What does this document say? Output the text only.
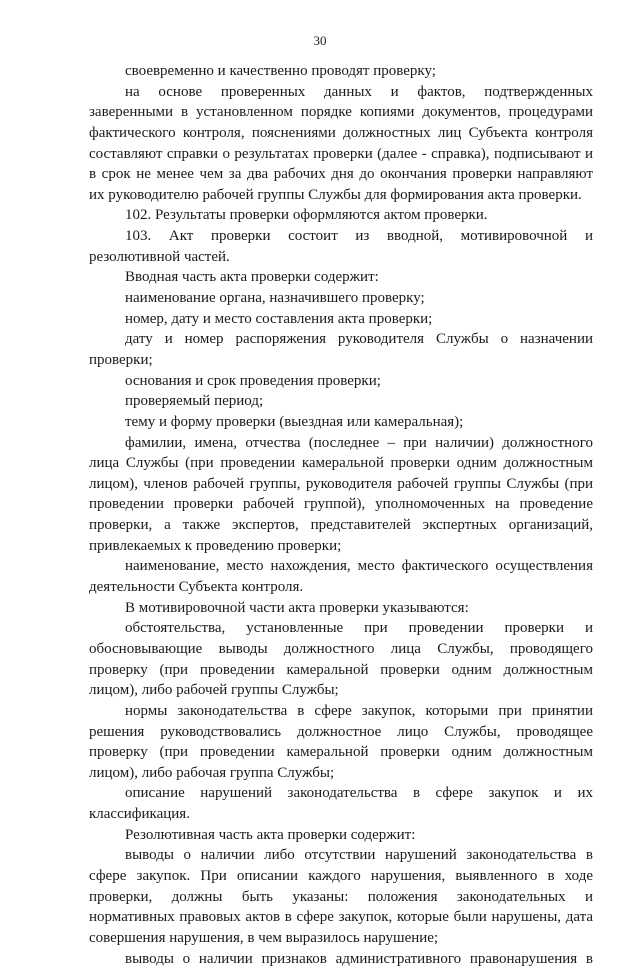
30
своевременно и качественно проводят проверку;
на основе проверенных данных и фактов, подтвержденных
заверенными в установленном порядке копиями документов, процедурами
фактического контроля, пояснениями должностных лиц Субъекта контроля
составляют справки о результатах проверки (далее - справка), подписывают и
в срок не менее чем за два рабочих дня до окончания проверки направляют
их руководителю рабочей группы Службы для формирования акта проверки.
102. Результаты проверки оформляются актом проверки.
103. Акт проверки состоит из вводной, мотивировочной и
резолютивной частей.
Вводная часть акта проверки содержит:
наименование органа, назначившего проверку;
номер, дату и место составления акта проверки;
дату и номер распоряжения руководителя Службы о назначении
проверки;
основания и срок проведения проверки;
проверяемый период;
тему и форму проверки (выездная или камеральная);
фамилии, имена, отчества (последнее – при наличии) должностного
лица Службы (при проведении камеральной проверки одним должностным
лицом), членов рабочей группы, руководителя рабочей группы Службы (при
проведении проверки рабочей группой), уполномоченных на проведение
проверки, а также экспертов, представителей экспертных организаций,
привлекаемых к проведению проверки;
наименование, место нахождения, место фактического осуществления
деятельности Субъекта контроля.
В мотивировочной части акта проверки указываются:
обстоятельства, установленные при проведении проверки и
обосновывающие выводы должностного лица Службы, проводящего
проверку (при проведении камеральной проверки одним должностным
лицом), либо рабочей группы Службы;
нормы законодательства в сфере закупок, которыми при принятии
решения руководствовались должностное лицо Службы, проводящее
проверку (при проведении камеральной проверки одним должностным
лицом), либо рабочая группа Службы;
описание нарушений законодательства в сфере закупок и их
классификация.
Резолютивная часть акта проверки содержит:
выводы о наличии либо отсутствии нарушений законодательства в
сфере закупок. При описании каждого нарушения, выявленного в ходе
проверки, должны быть указаны: положения законодательных и
нормативных правовых актов в сфере закупок, которые были нарушены, дата
совершения нарушения, в чем выразилось нарушение;
выводы о наличии признаков административного правонарушения в
